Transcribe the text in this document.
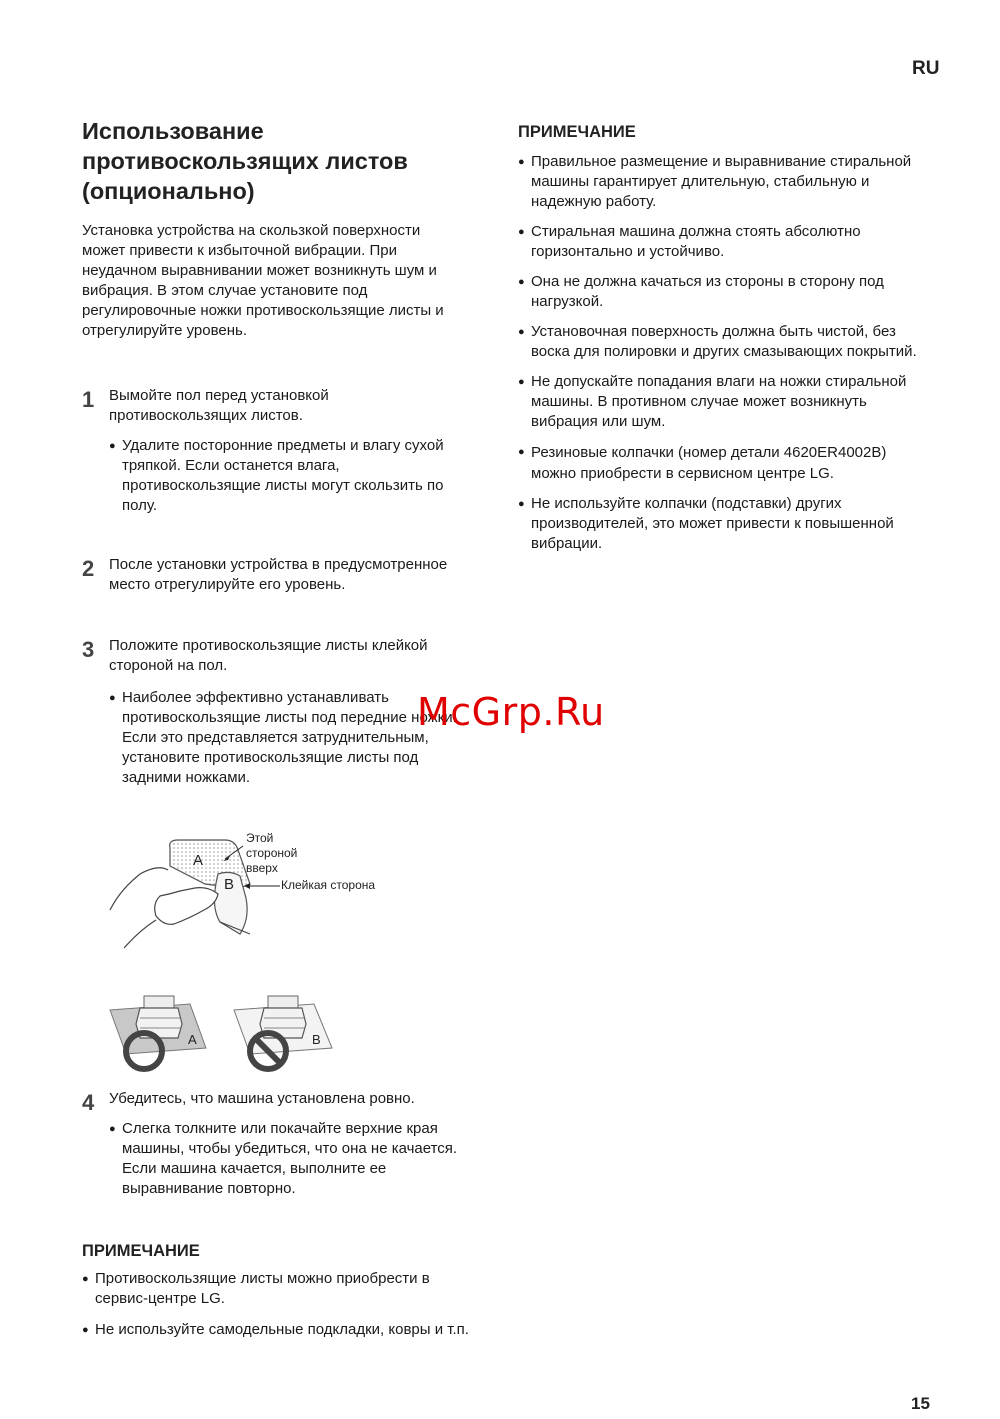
RU
Использование противоскользящих листов (опционально)

Установка устройства на скользкой поверхности может привести к избыточной вибрации. При неудачном выравнивании может возникнуть шум и вибрация. В этом случае установите под регулировочные ножки противоскользящие листы и отрегулируйте уровень.

1 Вымойте пол перед установкой противоскользящих листов.

● Удалите посторонние предметы и влагу сухой тряпкой. Если останется влага, противоскользящие листы могут скользить по полу.
2 После установки устройства в предусмотренное место отрегулируйте его уровень.

3 Положите противоскользящие листы клейкой стороной на пол.

● Наиболее эффективно устанавливать противоскользящие листы под передние ножки. Если это представляется затруднительным, установите противоскользящие листы под задними ножками.
A
B
Этой
стороной
вверх
Клейкая сторона
A	B
4 Убедитесь, что машина установлена ровно.

● Слегка толкните или покачайте верхние края машины, чтобы убедиться, что она не качается. Если машина качается, выполните ее выравнивание повторно.
ПРИМЕЧАНИЕ
● Противоскользящие листы можно приобрести в сервис-центре LG.
● Не используйте самодельные подкладки, ковры и т.п.
ПРИМЕЧАНИЕ
● Правильное размещение и выравнивание стиральной машины гарантирует длительную, стабильную и надежную работу.
● Стиральная машина должна стоять абсолютно горизонтально и устойчиво.
● Она не должна качаться из стороны в сторону под нагрузкой.
● Установочная поверхность должна быть чистой, без воска для полировки и других смазывающих покрытий.
● Не допускайте попадания влаги на ножки стиральной машины. В противном случае может возникнуть вибрация или шум.
● Резиновые колпачки (номер детали 4620ER4002B) можно приобрести в сервисном центре LG.
● Не используйте колпачки (подставки) других производителей, это может привести к повышенной вибрации.
McGrp.Ru
15
